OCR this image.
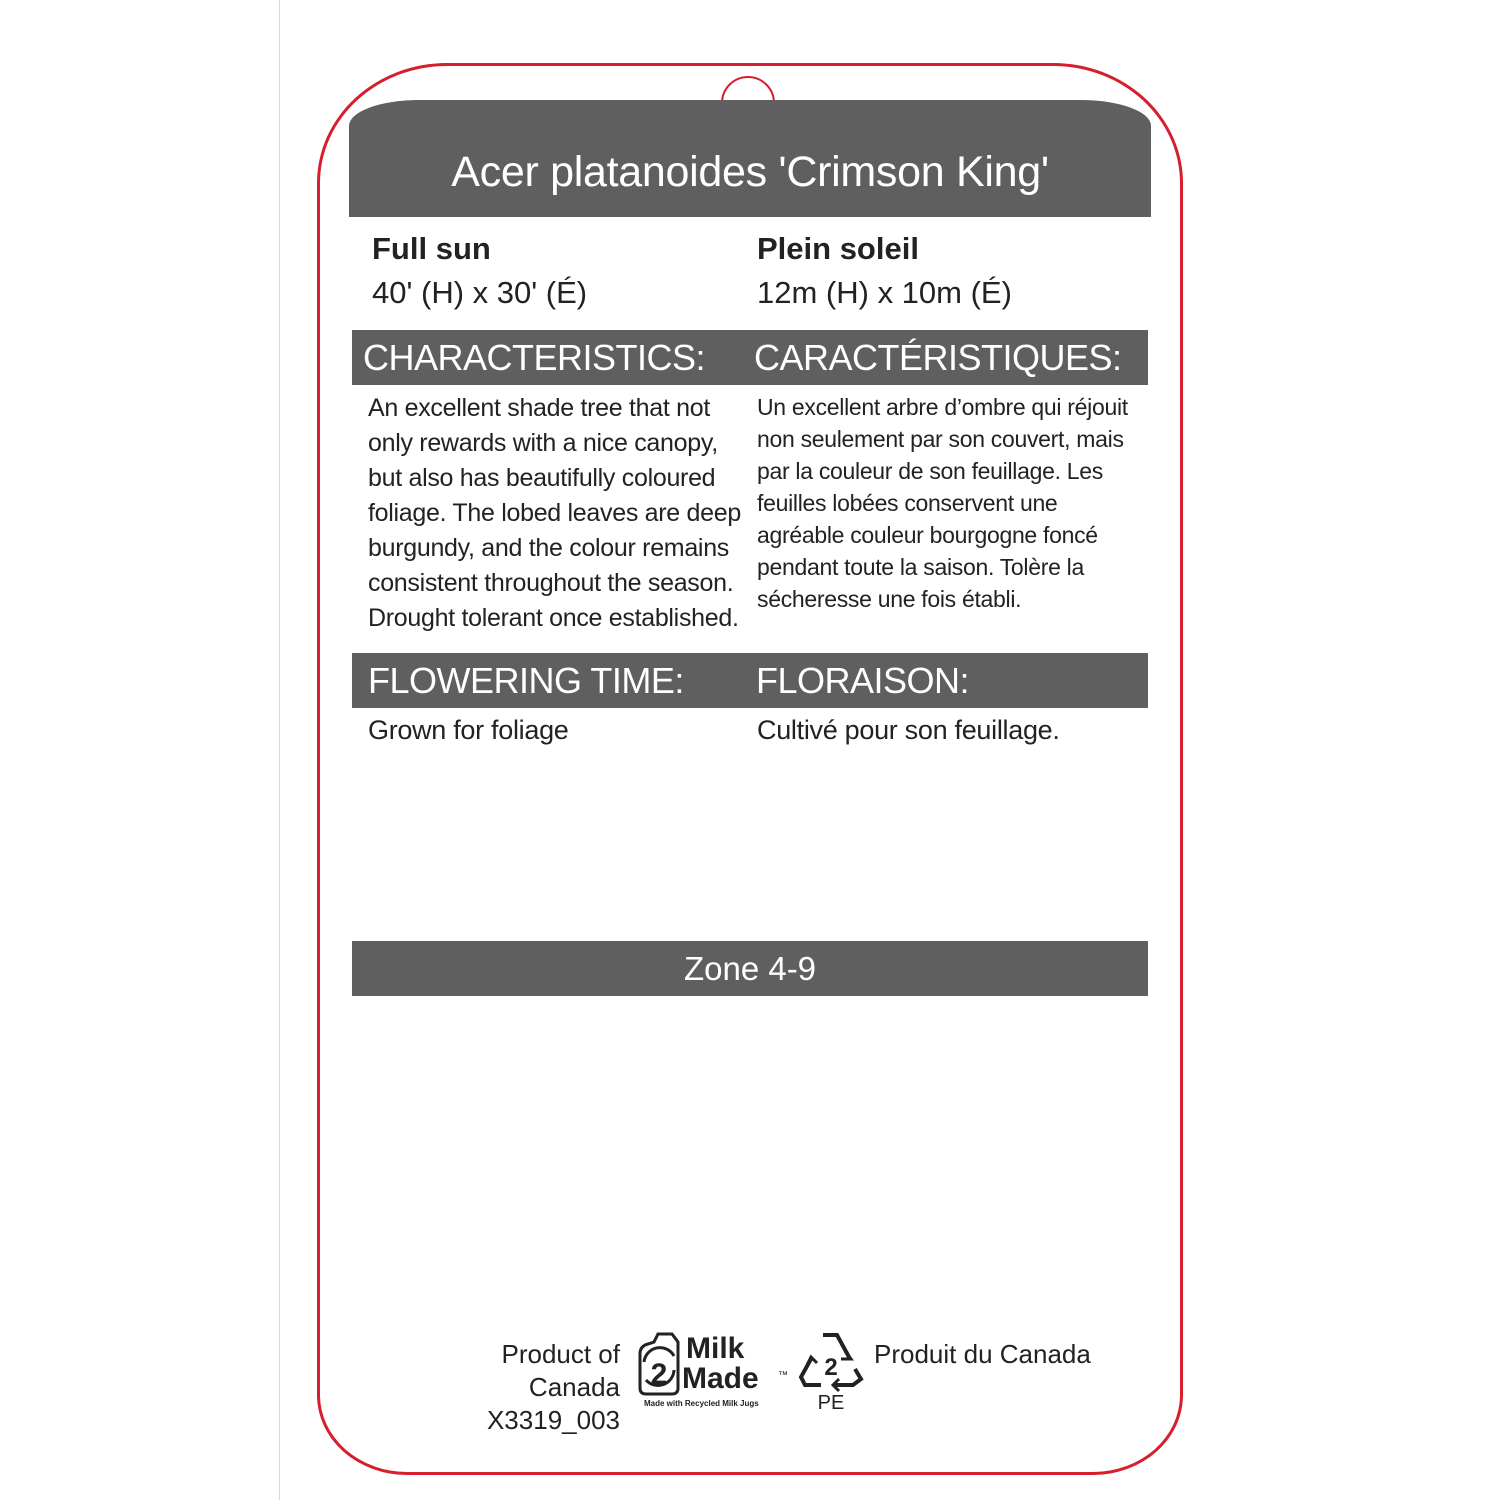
Acer platanoides 'Crimson King'
Full sun
40' (H) x 30' (É)
Plein soleil
12m (H) x 10m (É)
CHARACTERISTICS: CARACTÉRISTIQUES:
An excellent shade tree that not
only rewards with a nice canopy,
but also has beautifully coloured
foliage. The lobed leaves are deep
burgundy, and the colour remains
consistent throughout the season.
Drought tolerant once established.
Un excellent arbre d’ombre qui réjouit
non seulement par son couvert, mais
par la couleur de son feuillage. Les
feuilles lobées conservent une
agréable couleur bourgogne foncé
pendant toute la saison. Tolère la
sécheresse une fois établi.
FLOWERING TIME: FLORAISON:
Grown for foliage	Cultivé pour son feuillage.
Zone 4-9
Product of Canada
X3319_003
2
Milk
Made ™
Made with Recycled Milk Jugs
2
PE
Produit du Canada
